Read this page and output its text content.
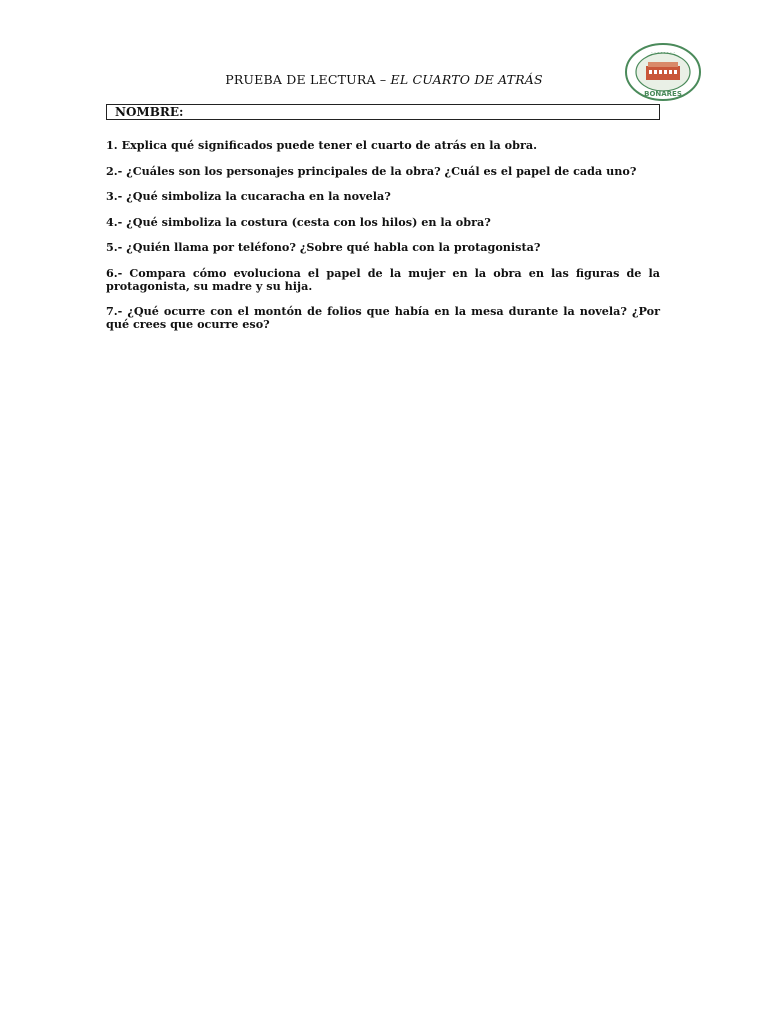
PRUEBA DE LECTURA – EL CUARTO DE ATRÁS
· · · · · · · ·
BONARES
NOMBRE:

1. Explica qué significados puede tener el cuarto de atrás en la obra.

2.- ¿Cuáles son los personajes principales de la obra? ¿Cuál es el papel de cada uno?

3.- ¿Qué simboliza la cucaracha en la novela?

4.- ¿Qué simboliza la costura (cesta con los hilos) en la obra?

5.- ¿Quién llama por teléfono? ¿Sobre qué habla con la protagonista?

6.- Compara cómo evoluciona el papel de la mujer en la obra en las figuras de la protagonista, su madre y su hija.

7.- ¿Qué ocurre con el montón de folios que había en la mesa durante la novela? ¿Por qué crees que ocurre eso?
